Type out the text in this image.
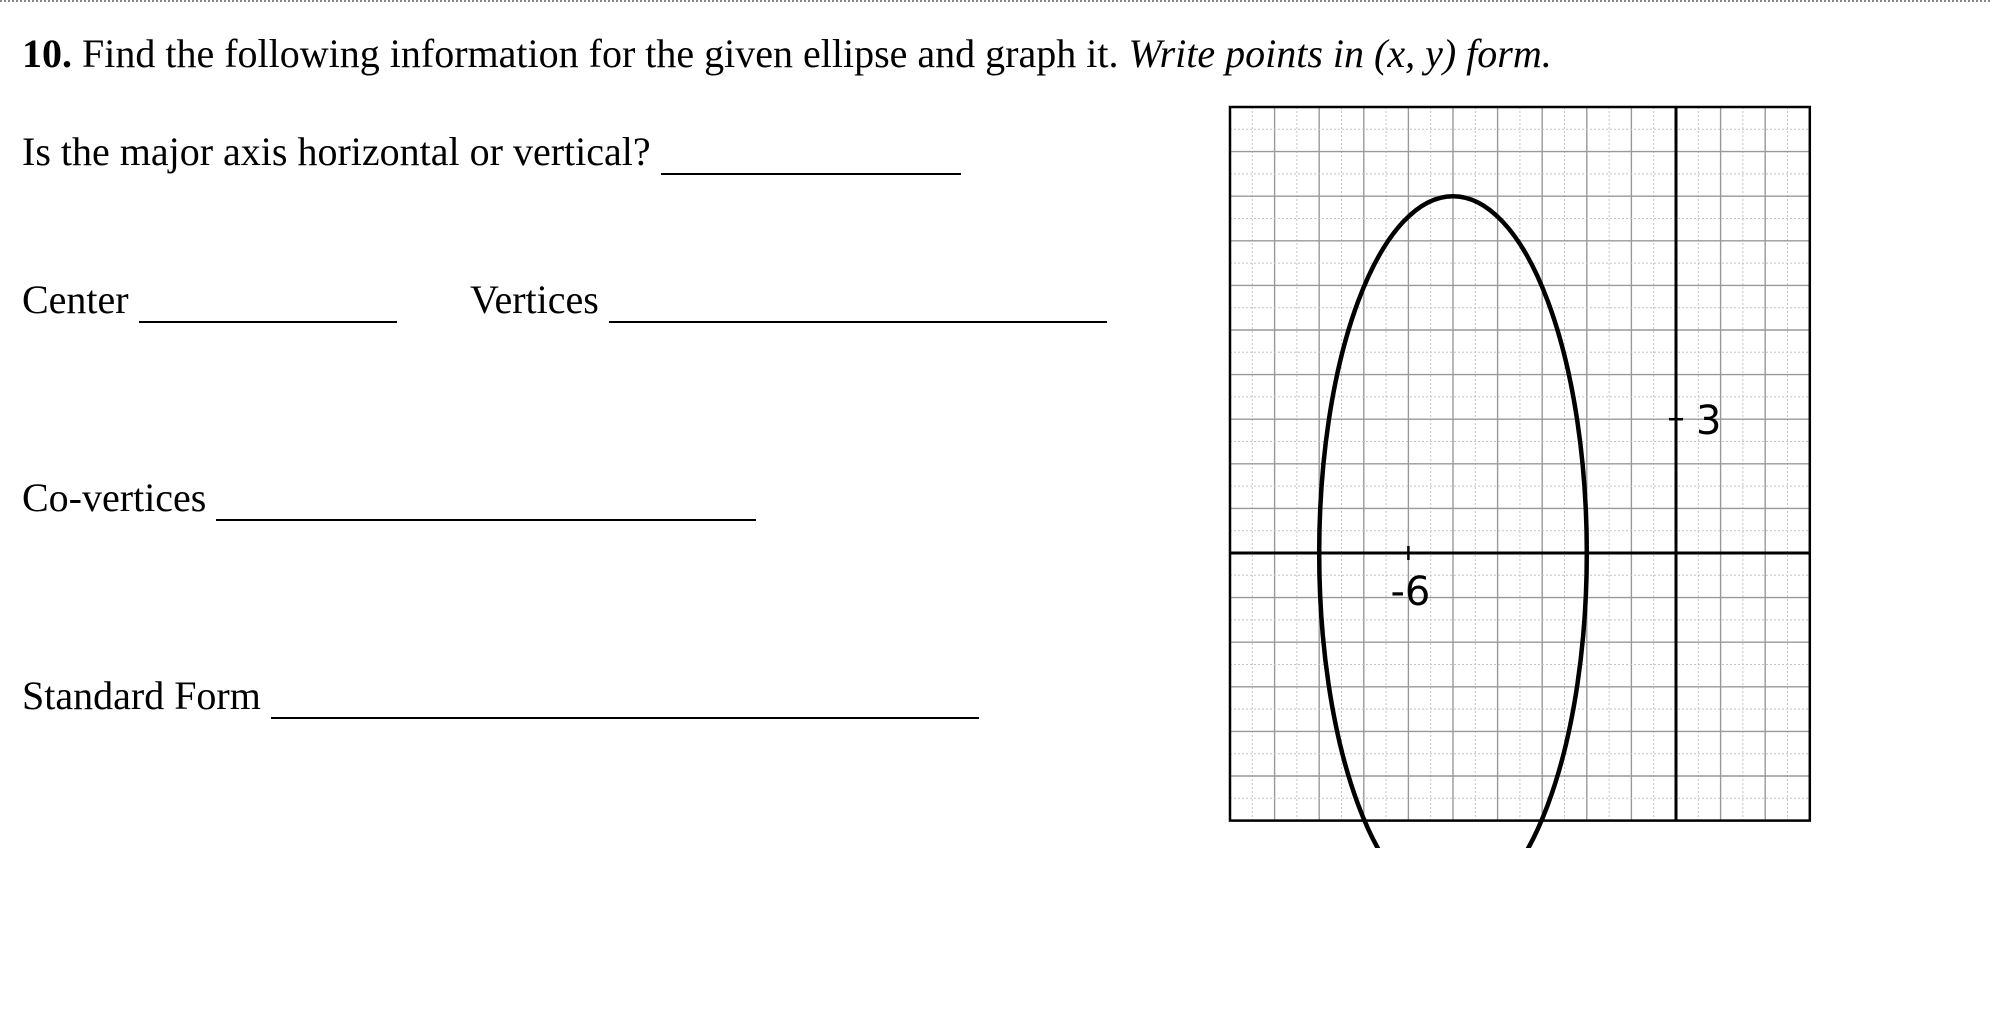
10. Find the following information for the given ellipse and graph it. Write points in (x, y) form.
Is the major axis horizontal or vertical?
Center	Vertices
Co-vertices
Standard Form
-6
3
